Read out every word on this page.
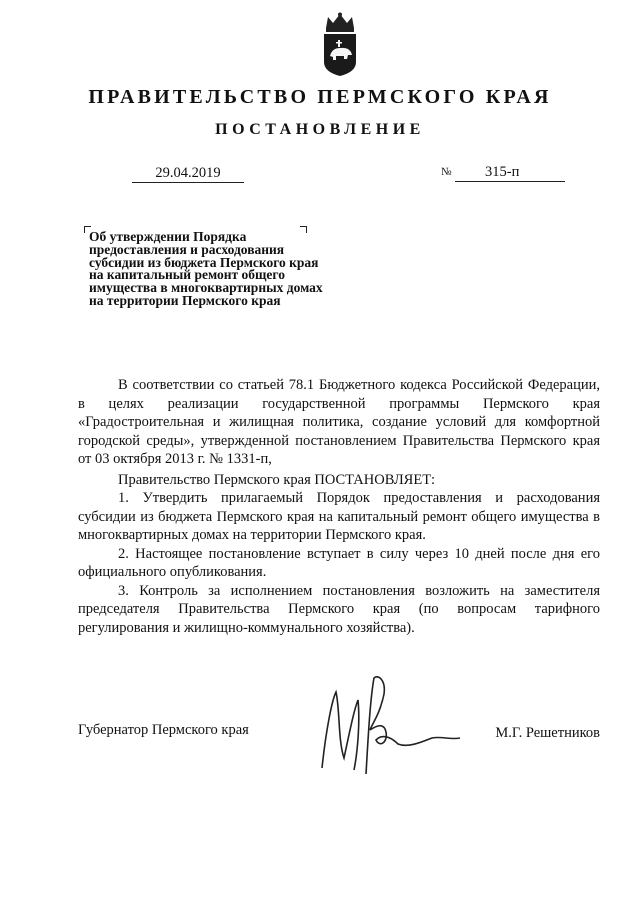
ПРАВИТЕЛЬСТВО ПЕРМСКОГО КРАЯ
ПОСТАНОВЛЕНИЕ
29.04.2019	№	315-п
Об утверждении Порядка
предоставления и расходования
субсидии из бюджета Пермского края
на капитальный ремонт общего
имущества в многоквартирных домах
на территории Пермского края

В соответствии со статьей 78.1 Бюджетного кодекса Российской Федерации, в целях реализации государственной программы Пермского края «Градостроительная и жилищная политика, создание условий для комфортной городской среды», утвержденной постановлением Правительства Пермского края от 03 октября 2013 г. № 1331-п,

Правительство Пермского края ПОСТАНОВЛЯЕТ:

1. Утвердить прилагаемый Порядок предоставления и расходования субсидии из бюджета Пермского края на капитальный ремонт общего имущества в многоквартирных домах на территории Пермского края.

2. Настоящее постановление вступает в силу через 10 дней после дня его официального опубликования.

3. Контроль за исполнением постановления возложить на заместителя председателя Правительства Пермского края (по вопросам тарифного регулирования и жилищно-коммунального хозяйства).

Губернатор Пермского края	М.Г. Решетников
